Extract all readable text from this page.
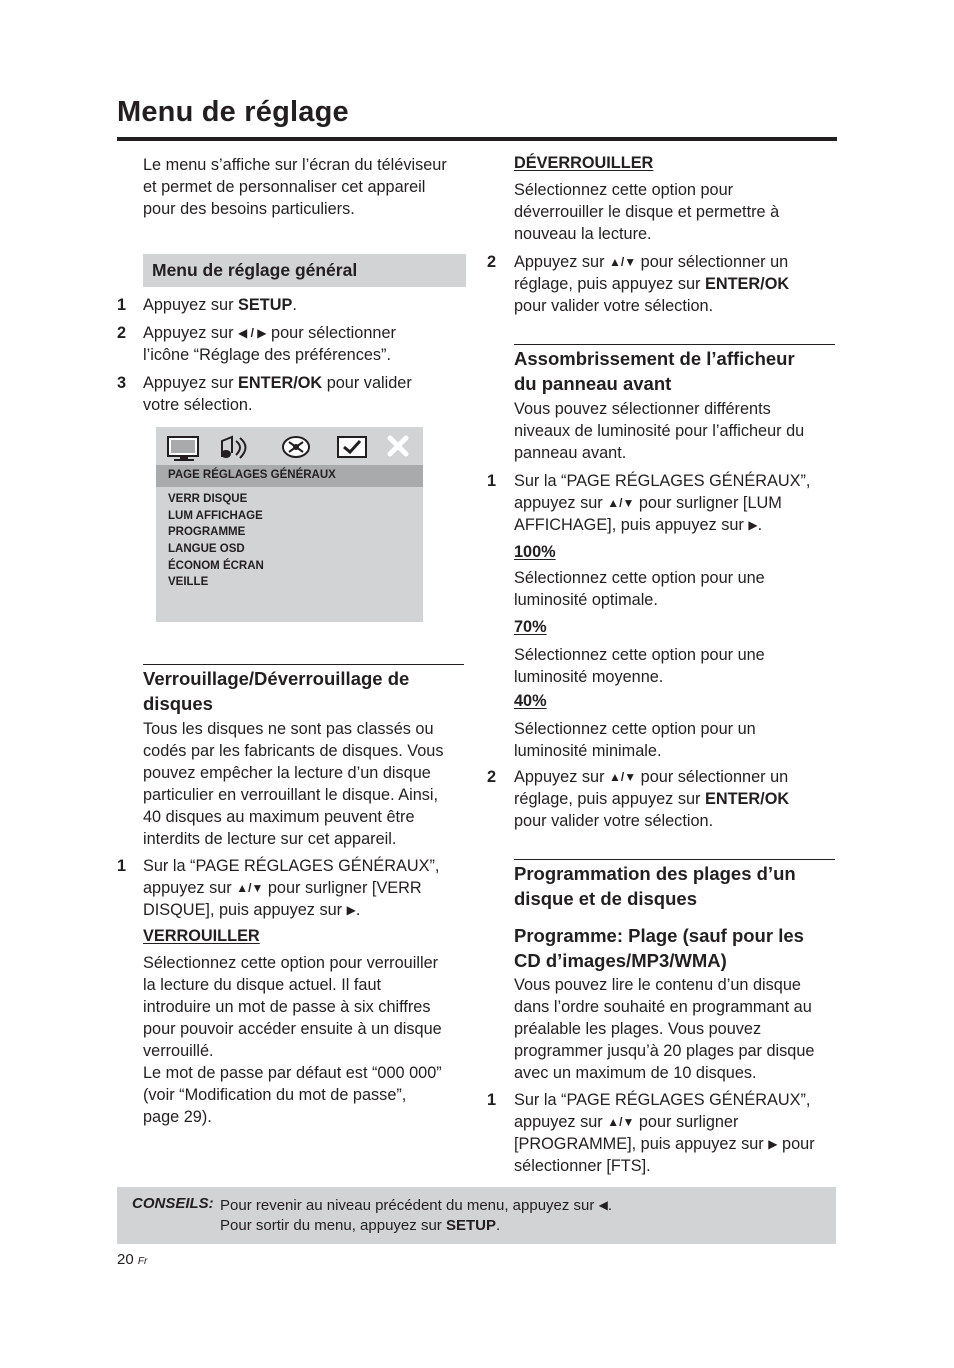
Menu de réglage
Le menu s’affiche sur l’écran du téléviseur
et permet de personnaliser cet appareil
pour des besoins particuliers.
Menu de réglage général
1 Appuyez sur SETUP.
2 Appuyez sur ◀ / ▶ pour sélectionner
l’icône “Réglage des préférences”.
3 Appuyez sur ENTER/OK pour valider
votre sélection.
PAGE RÉGLAGES GÉNÉRAUX
VERR DISQUE
LUM AFFICHAGE
PROGRAMME
LANGUE OSD
ÉCONOM ÉCRAN
VEILLE
Verrouillage/Déverrouillage de
disques
Tous les disques ne sont pas classés ou
codés par les fabricants de disques. Vous
pouvez empêcher la lecture d’un disque
particulier en verrouillant le disque. Ainsi,
40 disques au maximum peuvent être
interdits de lecture sur cet appareil.
1 Sur la “PAGE RÉGLAGES GÉNÉRAUX”,
appuyez sur ▲/▼ pour surligner [VERR
DISQUE], puis appuyez sur ▶.
VERROUILLER
Sélectionnez cette option pour verrouiller
la lecture du disque actuel. Il faut
introduire un mot de passe à six chiffres
pour pouvoir accéder ensuite à un disque
verrouillé.
Le mot de passe par défaut est “000 000”
(voir “Modification du mot de passe”,
page 29).
DÉVERROUILLER
Sélectionnez cette option pour
déverrouiller le disque et permettre à
nouveau la lecture.
2 Appuyez sur ▲/▼ pour sélectionner un
réglage, puis appuyez sur ENTER/OK
pour valider votre sélection.
Assombrissement de l’afficheur
du panneau avant
Vous pouvez sélectionner différents
niveaux de luminosité pour l’afficheur du
panneau avant.
1 Sur la “PAGE RÉGLAGES GÉNÉRAUX”,
appuyez sur ▲/▼ pour surligner [LUM
AFFICHAGE], puis appuyez sur ▶.
100%
Sélectionnez cette option pour une
luminosité optimale.
70%
Sélectionnez cette option pour une
luminosité moyenne.
40%
Sélectionnez cette option pour un
luminosité minimale.
2 Appuyez sur ▲/▼ pour sélectionner un
réglage, puis appuyez sur ENTER/OK
pour valider votre sélection.
Programmation des plages d’un
disque et de disques
Programme: Plage (sauf pour les
CD d’images/MP3/WMA)
Vous pouvez lire le contenu d’un disque
dans l’ordre souhaité en programmant au
préalable les plages. Vous pouvez
programmer jusqu’à 20 plages par disque
avec un maximum de 10 disques.
1 Sur la “PAGE RÉGLAGES GÉNÉRAUX”,
appuyez sur ▲/▼ pour surligner
[PROGRAMME], puis appuyez sur ▶ pour
sélectionner [FTS].
CONSEILS: Pour revenir au niveau précédent du menu, appuyez sur ◀.
Pour sortir du menu, appuyez sur SETUP.
20 Fr
